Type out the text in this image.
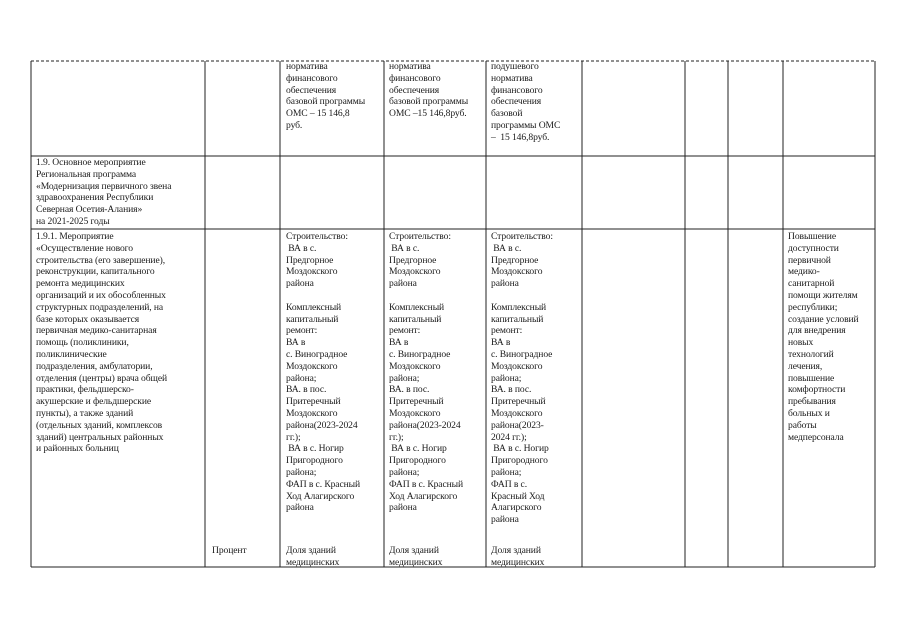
норматива
финансового
обеспечения
базовой программы
ОМС – 15 146,8
руб.
норматива
финансового
обеспечения
базовой программы
ОМС –15 146,8руб.
подушевого
норматива
финансового
обеспечения
базовой
программы ОМС
–  15 146,8руб.
1.9. Основное мероприятие
Региональная программа
«Модернизация первичного звена
здравоохранения Республики
Северная Осетия-Алания»
на 2021-2025 годы
1.9.1. Мероприятие
«Осуществление нового
строительства (его завершение),
реконструкции, капитального
ремонта медицинских
организаций и их обособленных
структурных подразделений, на
базе которых оказывается
первичная медико-санитарная
помощь (поликлиники,
поликлинические
подразделения, амбулатории,
отделения (центры) врача общей
практики, фельдшерско-
акушерские и фельдшерские
пункты), а также зданий
(отдельных зданий, комплексов
зданий) центральных районных
и районных больниц
Строительство:
ВА в с.
Предгорное
Моздокского
района

Комплексный
капитальный
ремонт:
ВА в
с. Виноградное
Моздокского
района;
ВА. в пос.
Притеречный
Моздокского
района(2023-2024
гг.);
ВА в с. Ногир
Пригородного
района;
ФАП в с. Красный
Ход Алагирского
района
Строительство:
ВА в с.
Предгорное
Моздокского
района

Комплексный
капитальный
ремонт:
ВА в
с. Виноградное
Моздокского
района;
ВА. в пос.
Притеречный
Моздокского
района(2023-2024
гг.);
ВА в с. Ногир
Пригородного
района;
ФАП в с. Красный
Ход Алагирского
района
Строительство:
ВА в с.
Предгорное
Моздокского
района

Комплексный
капитальный
ремонт:
ВА в
с. Виноградное
Моздокского
района;
ВА. в пос.
Притеречный
Моздокского
района(2023-
2024 гг.);
ВА в с. Ногир
Пригородного
района;
ФАП в с.
Красный Ход
Алагирского
района
Повышение
доступности
первичной
медико-
санитарной
помощи жителям
республики;
создание условий
для внедрения
новых
технологий
лечения,
повышение
комфортности
пребывания
больных и
работы
медперсонала
Процент	Доля зданий
медицинских
Доля зданий
медицинских
Доля зданий
медицинских
